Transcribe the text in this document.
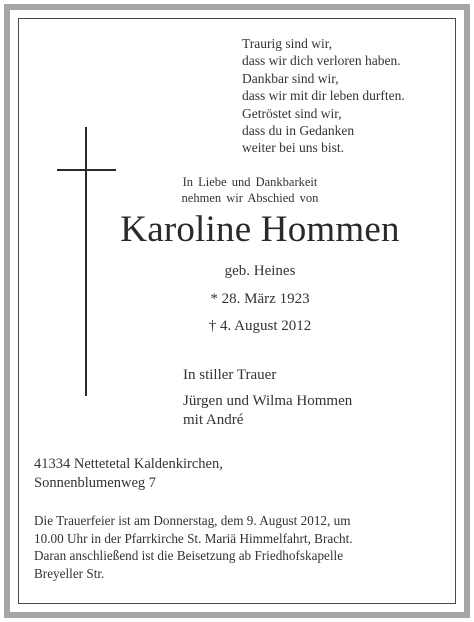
Traurig sind wir,
dass wir dich verloren haben.
Dankbar sind wir,
dass wir mit dir leben durften.
Getröstet sind wir,
dass du in Gedanken
weiter bei uns bist.
In Liebe und Dankbarkeit
nehmen wir Abschied von
Karoline Hommen
geb. Heines
* 28. März 1923
† 4. August 2012
In stiller Trauer
Jürgen und Wilma Hommen
mit André
41334 Nettetetal Kaldenkirchen,
Sonnenblumenweg 7
Die Trauerfeier ist am Donnerstag, dem 9. August 2012, um
10.00 Uhr in der Pfarrkirche St. Mariä Himmelfahrt, Bracht.
Daran anschließend ist die Beisetzung ab Friedhofskapelle
Breyeller Str.
